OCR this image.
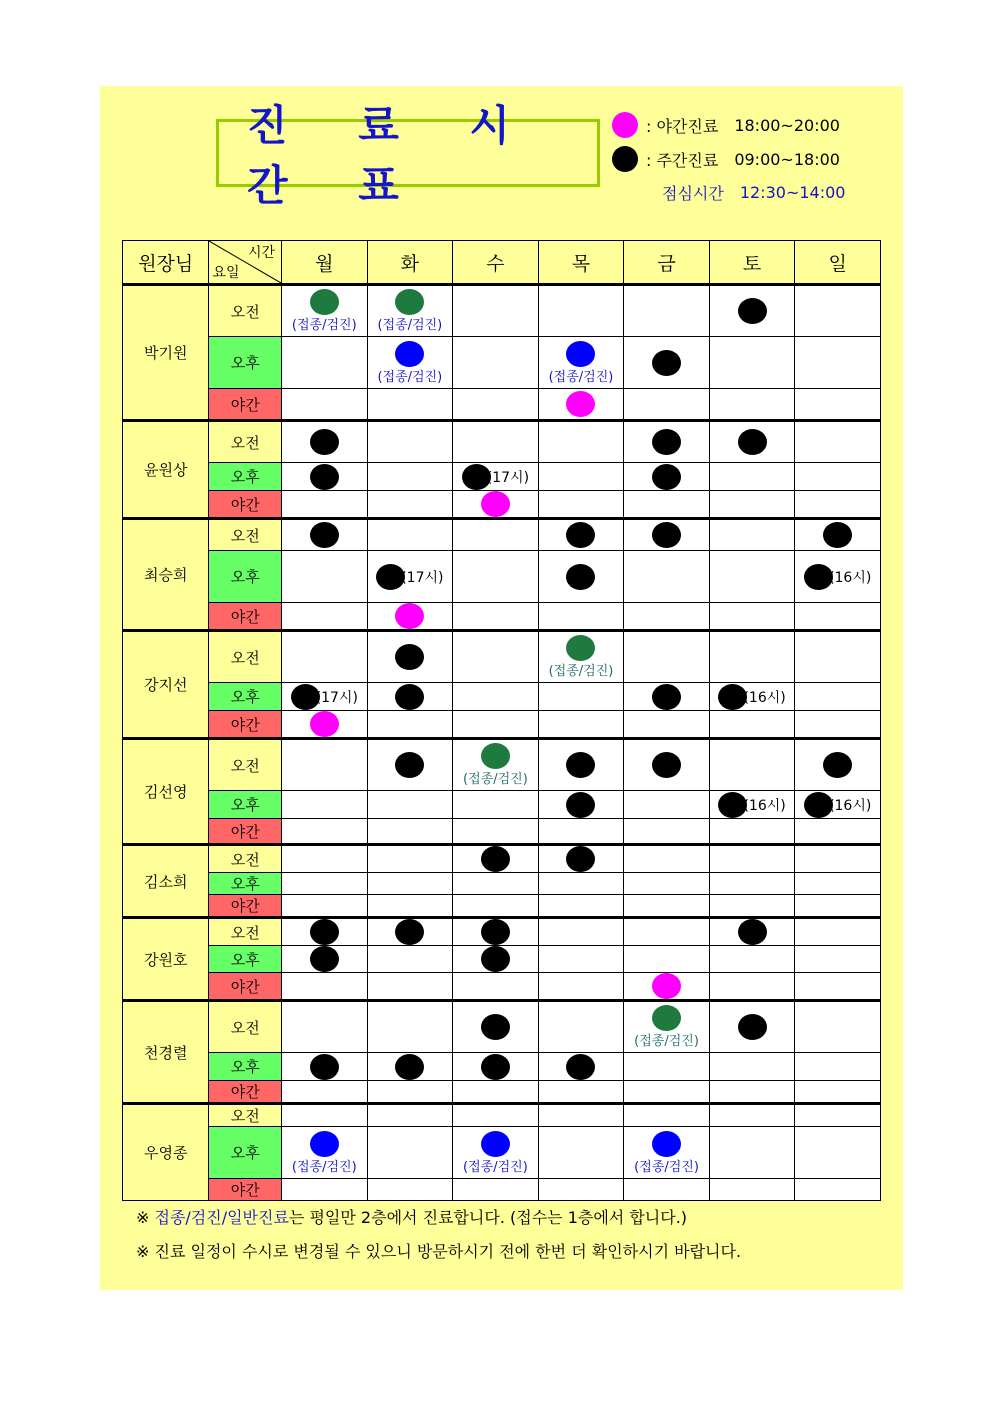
진 료 시 간 표
: 야간진료 18:00~20:00
: 주간진료 09:00~18:00
점심시간 12:30~14:00
원장님	시간
요일	월	화	수	목	금	토	일
박기원	오전	(접종/검진)	(접종/검진)					

	오후		(접종/검진)		(접종/검진)			

	야간							
윤원상	오전							
	오후			(17시)				
	야간							
최승희	오전							
	오후		(17시)					(16시)
	야간							
강지선	오전				(접종/검진)			

	오후	(17시)					(16시)	
	야간							
김선영	오전			(접종/검진)				

	오후						(16시)	(16시)
	야간							
김소희	오전							
	오후							
	야간							
강원호	오전							
	오후							
	야간							
천경렬	오전					(접종/검진)		

	오후							
	야간							
우영종	오전							
	오후	(접종/검진)		(접종/검진)		(접종/검진)		

	야간							
※ 접종/검진/일반진료는 평일만 2층에서 진료합니다. (접수는 1층에서 합니다.)
※ 진료 일정이 수시로 변경될 수 있으니 방문하시기 전에 한번 더 확인하시기 바랍니다.
